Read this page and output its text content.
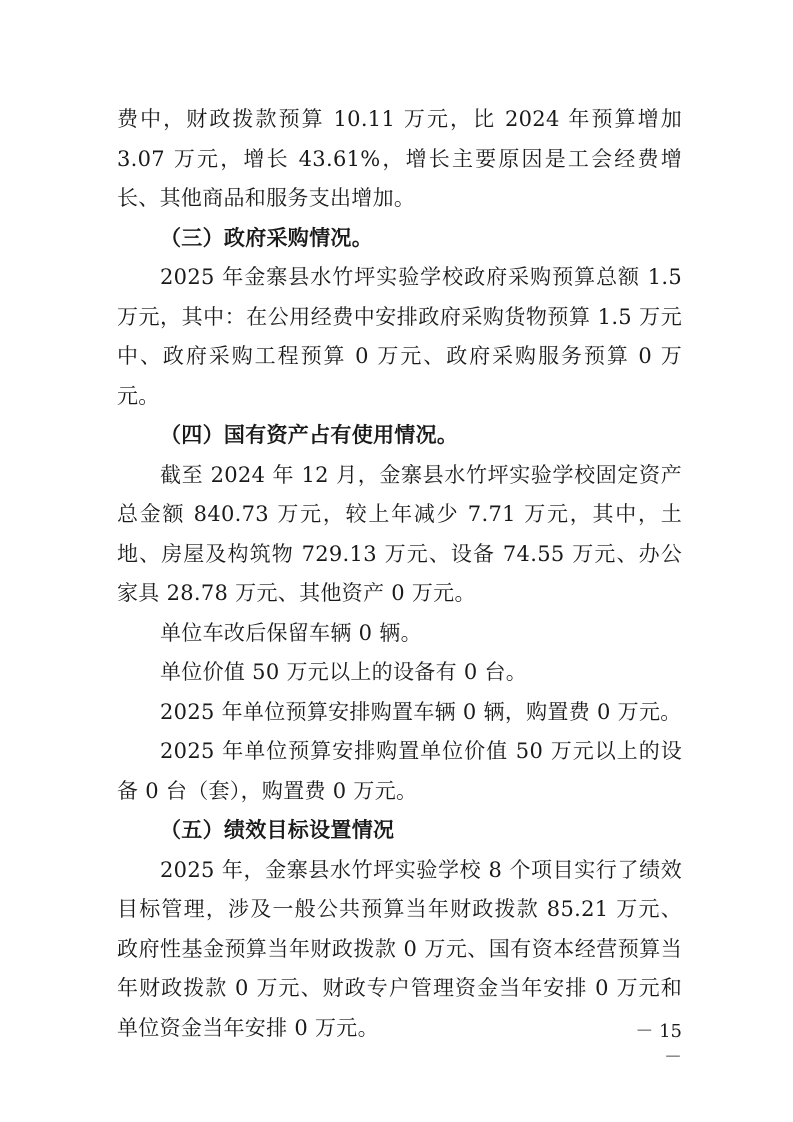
费中，财政拨款预算 10.11 万元，比 2024 年预算增加 3.07 万元，增长 43.61%，增长主要原因是工会经费增长、其他商品和服务支出增加。

（三）政府采购情况。

2025 年金寨县水竹坪实验学校政府采购预算总额 1.5 万元，其中：在公用经费中安排政府采购货物预算 1.5 万元中、政府采购工程预算 0 万元、政府采购服务预算 0 万元。

（四）国有资产占有使用情况。

截至 2024 年 12 月，金寨县水竹坪实验学校固定资产总金额 840.73 万元，较上年减少 7.71 万元，其中，土地、房屋及构筑物 729.13 万元、设备 74.55 万元、办公家具 28.78 万元、其他资产 0 万元。

单位车改后保留车辆 0 辆。

单位价值 50 万元以上的设备有 0 台。

2025 年单位预算安排购置车辆 0 辆，购置费 0 万元。

2025 年单位预算安排购置单位价值 50 万元以上的设备 0 台（套），购置费 0 万元。

（五）绩效目标设置情况

2025 年，金寨县水竹坪实验学校 8 个项目实行了绩效目标管理，涉及一般公共预算当年财政拨款 85.21 万元、政府性基金预算当年财政拨款 0 万元、国有资本经营预算当年财政拨款 0 万元、财政专户管理资金当年安排 0 万元和单位资金当年安排 0 万元。	－ 15 －
